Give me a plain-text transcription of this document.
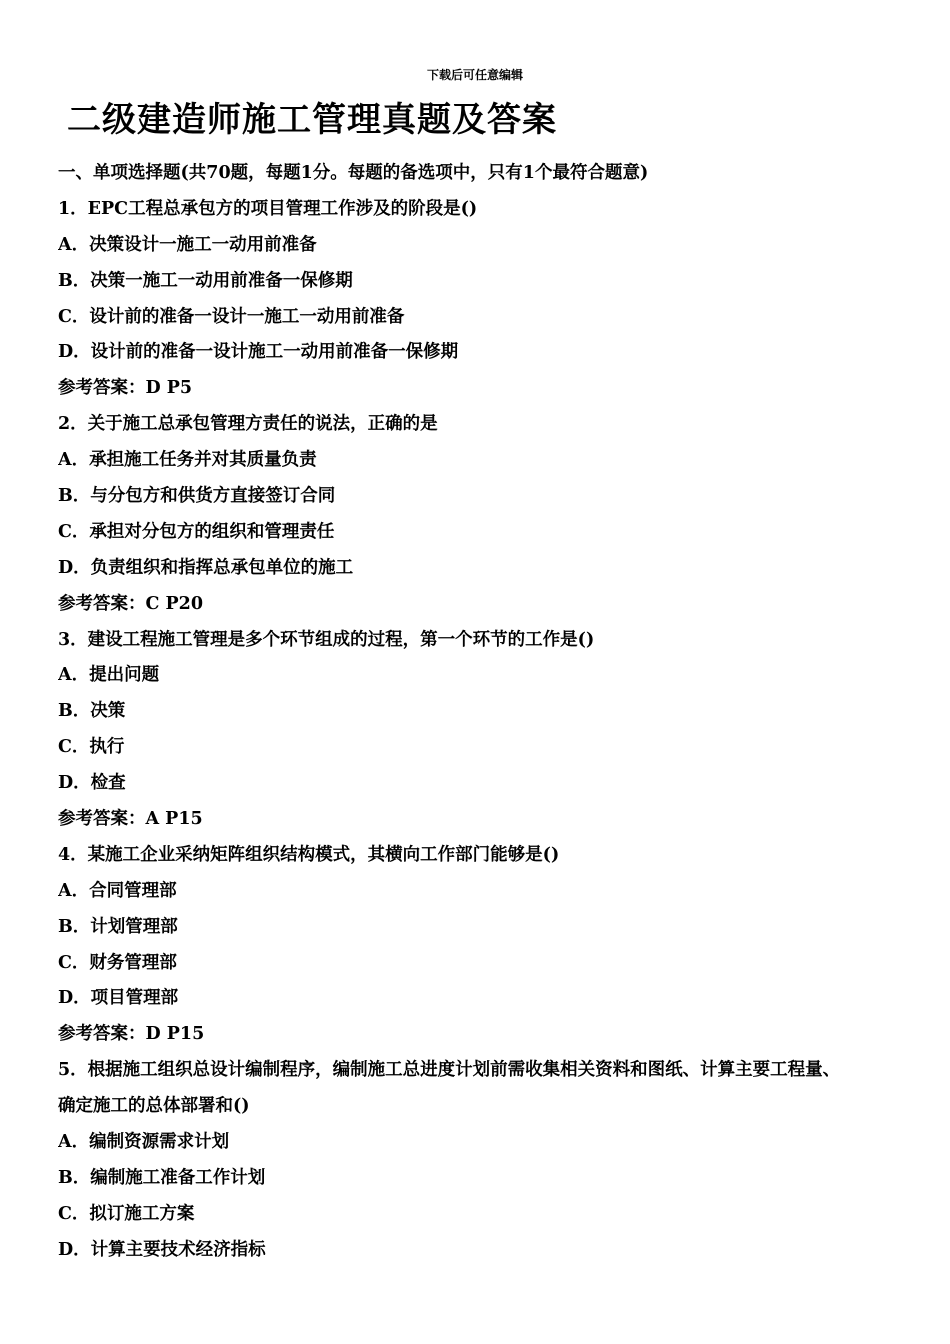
下载后可任意编辑
二级建造师施工管理真题及答案
一、单项选择题(共70题，每题1分。每题的备选项中，只有1个最符合题意)
1．EPC工程总承包方的项目管理工作涉及的阶段是()
A．决策设计一施工一动用前准备
B．决策一施工一动用前准备一保修期
C．设计前的准备一设计一施工一动用前准备
D．设计前的准备一设计施工一动用前准备一保修期
参考答案：D P5
2．关于施工总承包管理方责任的说法，正确的是
A．承担施工任务并对其质量负责
B．与分包方和供货方直接签订合同
C．承担对分包方的组织和管理责任
D．负责组织和指挥总承包单位的施工
参考答案：C P20
3．建设工程施工管理是多个环节组成的过程，第一个环节的工作是()
A．提出问题
B．决策
C．执行
D．检查
参考答案：A P15
4．某施工企业采纳矩阵组织结构模式，其横向工作部门能够是()
A．合同管理部
B．计划管理部
C．财务管理部
D．项目管理部
参考答案：D P15
5．根据施工组织总设计编制程序，编制施工总进度计划前需收集相关资料和图纸、计算主要工程量、
确定施工的总体部署和()
A．编制资源需求计划
B．编制施工准备工作计划
C．拟订施工方案
D．计算主要技术经济指标
